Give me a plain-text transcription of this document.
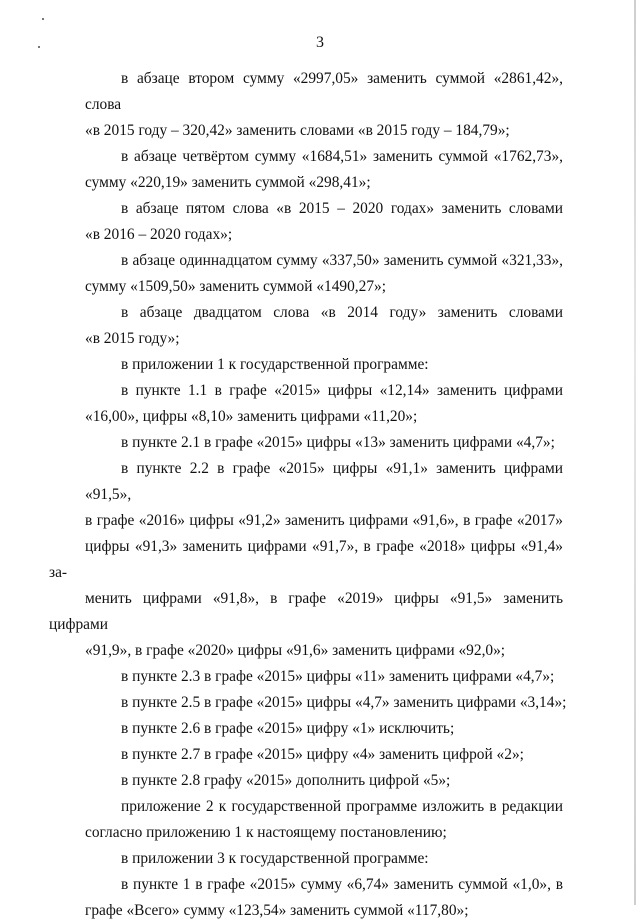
3
в абзаце втором сумму «2997,05» заменить суммой «2861,42», слова
«в 2015 году – 320,42» заменить словами «в 2015 году – 184,79»;
в абзаце четвёртом сумму «1684,51» заменить суммой «1762,73»,
сумму «220,19» заменить суммой «298,41»;
в абзаце пятом слова «в 2015 – 2020 годах» заменить словами
«в 2016 – 2020 годах»;
в абзаце одиннадцатом сумму «337,50» заменить суммой «321,33»,
сумму «1509,50» заменить суммой «1490,27»;
в абзаце двадцатом слова «в 2014 году» заменить словами
«в 2015 году»;
в приложении 1 к государственной программе:
в пункте 1.1 в графе «2015» цифры «12,14» заменить цифрами
«16,00», цифры «8,10» заменить цифрами «11,20»;
в пункте 2.1 в графе «2015» цифры «13» заменить цифрами «4,7»;
в пункте 2.2 в графе «2015» цифры «91,1» заменить цифрами «91,5»,
в графе «2016» цифры «91,2» заменить цифрами «91,6», в графе «2017»
цифры «91,3» заменить цифрами «91,7», в графе «2018» цифры «91,4» за-
менить цифрами «91,8», в графе «2019» цифры «91,5» заменить цифрами
«91,9», в графе «2020» цифры «91,6» заменить цифрами «92,0»;
в пункте 2.3 в графе «2015» цифры «11» заменить цифрами «4,7»;
в пункте 2.5 в графе «2015» цифры «4,7» заменить цифрами «3,14»;
в пункте 2.6 в графе «2015» цифру «1» исключить;
в пункте 2.7 в графе «2015» цифру «4» заменить цифрой «2»;
в пункте 2.8 графу «2015» дополнить цифрой «5»;
приложение 2 к государственной программе изложить в редакции
согласно приложению 1 к настоящему постановлению;
в приложении 3 к государственной программе:
в пункте 1 в графе «2015» сумму «6,74» заменить суммой «1,0», в
графе «Всего» сумму «123,54» заменить суммой «117,80»;
